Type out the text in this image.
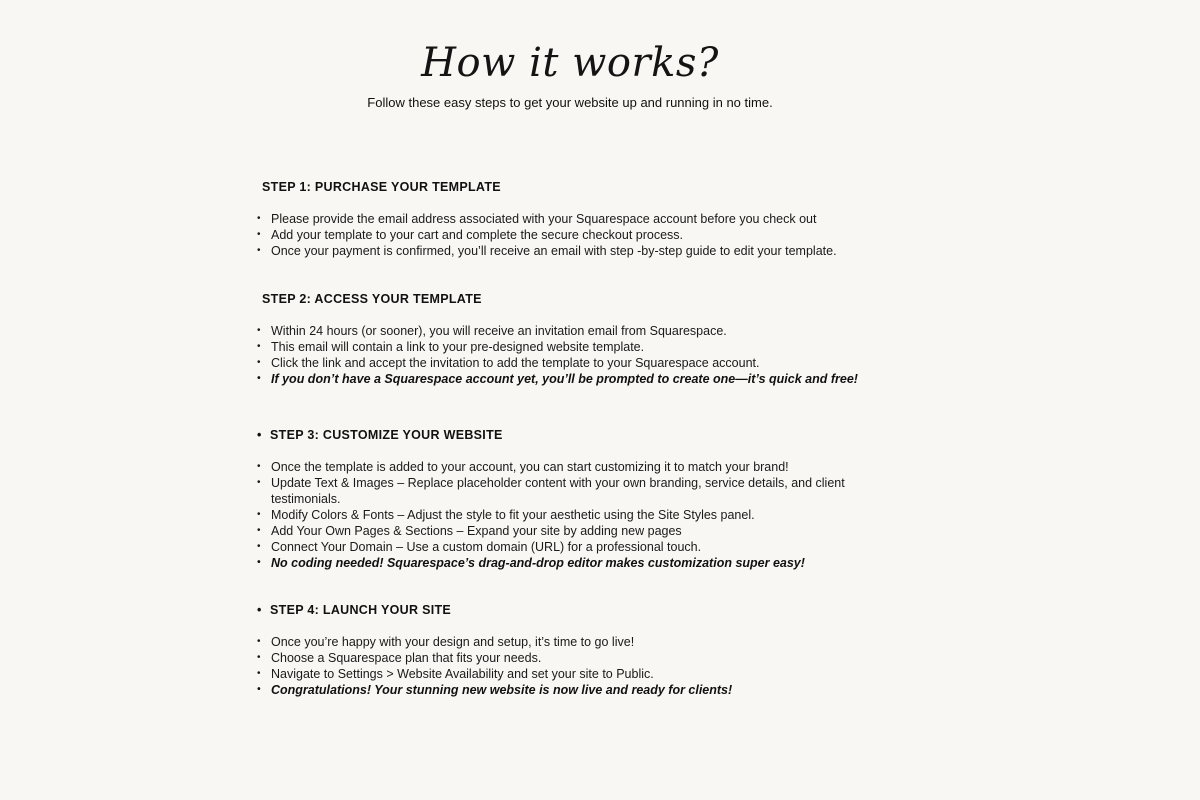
How it works?

Follow these easy steps to get your website up and running in no time.

STEP 1: PURCHASE YOUR TEMPLATE
• Please provide the email address associated with your Squarespace account before you check out
• Add your template to your cart and complete the secure checkout process.
• Once your payment is confirmed, you’ll receive an email with step -by-step guide to edit your template.
STEP 2: ACCESS YOUR TEMPLATE
• Within 24 hours (or sooner), you will receive an invitation email from Squarespace.
• This email will contain a link to your pre-designed website template.
• Click the link and accept the invitation to add the template to your Squarespace account.
• If you don’t have a Squarespace account yet, you’ll be prompted to create one—it’s quick and free!
• STEP 3: CUSTOMIZE YOUR WEBSITE
• Once the template is added to your account, you can start customizing it to match your brand!
• Update Text & Images – Replace placeholder content with your own branding, service details, and client testimonials.
• Modify Colors & Fonts – Adjust the style to fit your aesthetic using the Site Styles panel.
• Add Your Own Pages & Sections – Expand your site by adding new pages
• Connect Your Domain – Use a custom domain (URL) for a professional touch.
• No coding needed! Squarespace’s drag-and-drop editor makes customization super easy!
• STEP 4: LAUNCH YOUR SITE
• Once you’re happy with your design and setup, it’s time to go live!
• Choose a Squarespace plan that fits your needs.
• Navigate to Settings > Website Availability and set your site to Public.
• Congratulations! Your stunning new website is now live and ready for clients!
